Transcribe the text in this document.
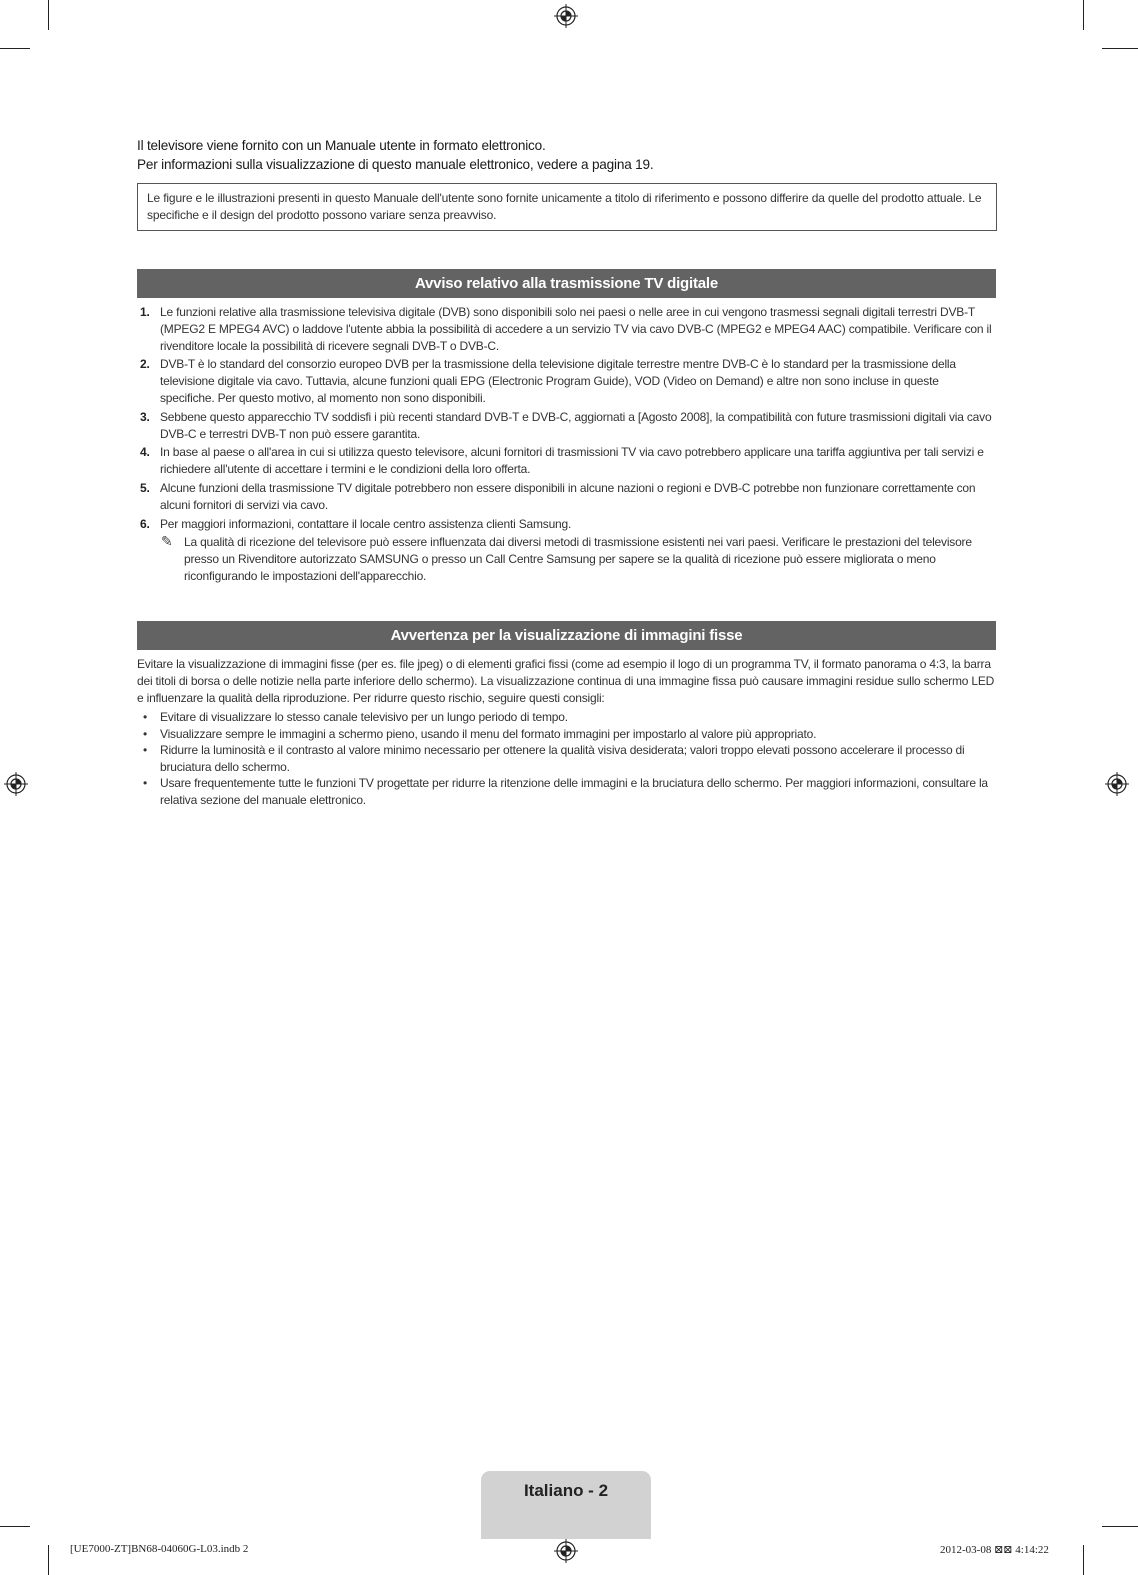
Il televisore viene fornito con un Manuale utente in formato elettronico.
Per informazioni sulla visualizzazione di questo manuale elettronico, vedere a pagina 19.
Le figure e le illustrazioni presenti in questo Manuale dell'utente sono fornite unicamente a titolo di riferimento e possono differire da quelle del prodotto attuale. Le specifiche e il design del prodotto possono variare senza preavviso.
Avviso relativo alla trasmissione TV digitale
1. Le funzioni relative alla trasmissione televisiva digitale (DVB) sono disponibili solo nei paesi o nelle aree in cui vengono trasmessi segnali digitali terrestri DVB-T (MPEG2 E MPEG4 AVC) o laddove l'utente abbia la possibilità di accedere a un servizio TV via cavo DVB-C (MPEG2 e MPEG4 AAC) compatibile. Verificare con il rivenditore locale la possibilità di ricevere segnali DVB-T o DVB-C.
2. DVB-T è lo standard del consorzio europeo DVB per la trasmissione della televisione digitale terrestre mentre DVB-C è lo standard per la trasmissione della televisione digitale via cavo. Tuttavia, alcune funzioni quali EPG (Electronic Program Guide), VOD (Video on Demand) e altre non sono incluse in queste specifiche. Per questo motivo, al momento non sono disponibili.
3. Sebbene questo apparecchio TV soddisfi i più recenti standard DVB-T e DVB-C, aggiornati a [Agosto 2008], la compatibilità con future trasmissioni digitali via cavo DVB-C e terrestri DVB-T non può essere garantita.
4. In base al paese o all'area in cui si utilizza questo televisore, alcuni fornitori di trasmissioni TV via cavo potrebbero applicare una tariffa aggiuntiva per tali servizi e richiedere all'utente di accettare i termini e le condizioni della loro offerta.
5. Alcune funzioni della trasmissione TV digitale potrebbero non essere disponibili in alcune nazioni o regioni e DVB-C potrebbe non funzionare correttamente con alcuni fornitori di servizi via cavo.
6. Per maggiori informazioni, contattare il locale centro assistenza clienti Samsung.
✎ La qualità di ricezione del televisore può essere influenzata dai diversi metodi di trasmissione esistenti nei vari paesi. Verificare le prestazioni del televisore presso un Rivenditore autorizzato SAMSUNG o presso un Call Centre Samsung per sapere se la qualità di ricezione può essere migliorata o meno riconfigurando le impostazioni dell'apparecchio.
Avvertenza per la visualizzazione di immagini fisse
Evitare la visualizzazione di immagini fisse (per es. file jpeg) o di elementi grafici fissi (come ad esempio il logo di un programma TV, il formato panorama o 4:3, la barra dei titoli di borsa o delle notizie nella parte inferiore dello schermo). La visualizzazione continua di una immagine fissa può causare immagini residue sullo schermo LED e influenzare la qualità della riproduzione. Per ridurre questo rischio, seguire questi consigli:
• Evitare di visualizzare lo stesso canale televisivo per un lungo periodo di tempo.
• Visualizzare sempre le immagini a schermo pieno, usando il menu del formato immagini per impostarlo al valore più appropriato.
• Ridurre la luminosità e il contrasto al valore minimo necessario per ottenere la qualità visiva desiderata; valori troppo elevati possono accelerare il processo di bruciatura dello schermo.
• Usare frequentemente tutte le funzioni TV progettate per ridurre la ritenzione delle immagini e la bruciatura dello schermo. Per maggiori informazioni, consultare la relativa sezione del manuale elettronico.
Italiano - 2
[UE7000-ZT]BN68-04060G-L03.indb 2	2012-03-08 ⊠⊠ 4:14:22
